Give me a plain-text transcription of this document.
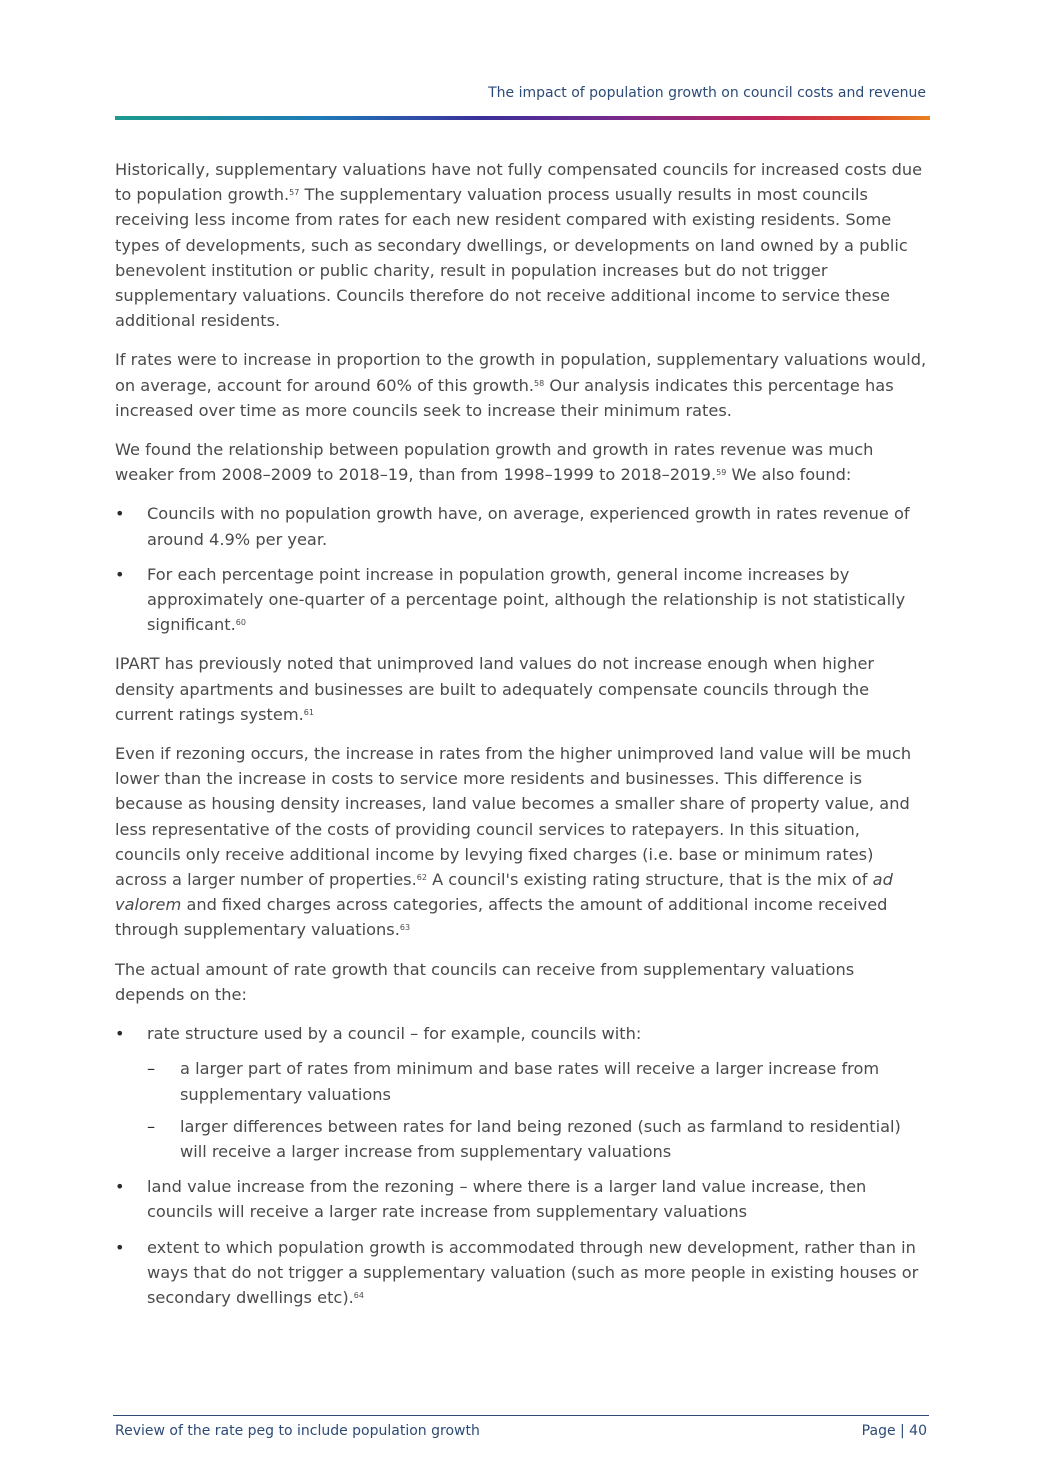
The impact of population growth on council costs and revenue

Historically, supplementary valuations have not fully compensated councils for increased costs due to population growth.$^{57}$ The supplementary valuation process usually results in most councils receiving less income from rates for each new resident compared with existing residents. Some types of developments, such as secondary dwellings, or developments on land owned by a public benevolent institution or public charity, result in population increases but do not trigger supplementary valuations. Councils therefore do not receive additional income to service these additional residents.

If rates were to increase in proportion to the growth in population, supplementary valuations would, on average, account for around 60% of this growth.$^{58}$ Our analysis indicates this percentage has increased over time as more councils seek to increase their minimum rates.

We found the relationship between population growth and growth in rates revenue was much weaker from 2008–2009 to 2018–19, than from 1998–1999 to 2018–2019.59 We also found:

• Councils with no population growth have, on average, experienced growth in rates revenue of around 4.9% per year.
• For each percentage point increase in population growth, general income increases by approximately one-quarter of a percentage point, although the relationship is not statistically significant.$^{60}$

IPART has previously noted that unimproved land values do not increase enough when higher density apartments and businesses are built to adequately compensate councils through the current ratings system.$^{61}$

Even if rezoning occurs, the increase in rates from the higher unimproved land value will be much lower than the increase in costs to service more residents and businesses. This difference is because as housing density increases, land value becomes a smaller share of property value, and less representative of the costs of providing council services to ratepayers. In this situation, councils only receive additional income by levying fixed charges (i.e. base or minimum rates) across a larger number of properties.$^{62}$ A council's existing rating structure, that is the mix of ad valorem and fixed charges across categories, affects the amount of additional income received through supplementary valuations.$^{63}$

The actual amount of rate growth that councils can receive from supplementary valuations depends on the:

• rate structure used by a council – for example, councils with:
– a larger part of rates from minimum and base rates will receive a larger increase from supplementary valuations
– larger differences between rates for land being rezoned (such as farmland to residential) will receive a larger increase from supplementary valuations
• land value increase from the rezoning – where there is a larger land value increase, then councils will receive a larger rate increase from supplementary valuations
• extent to which population growth is accommodated through new development, rather than in ways that do not trigger a supplementary valuation (such as more people in existing houses or secondary dwellings etc).$^{64}$
Review of the rate peg to include population growth	Page | 40
